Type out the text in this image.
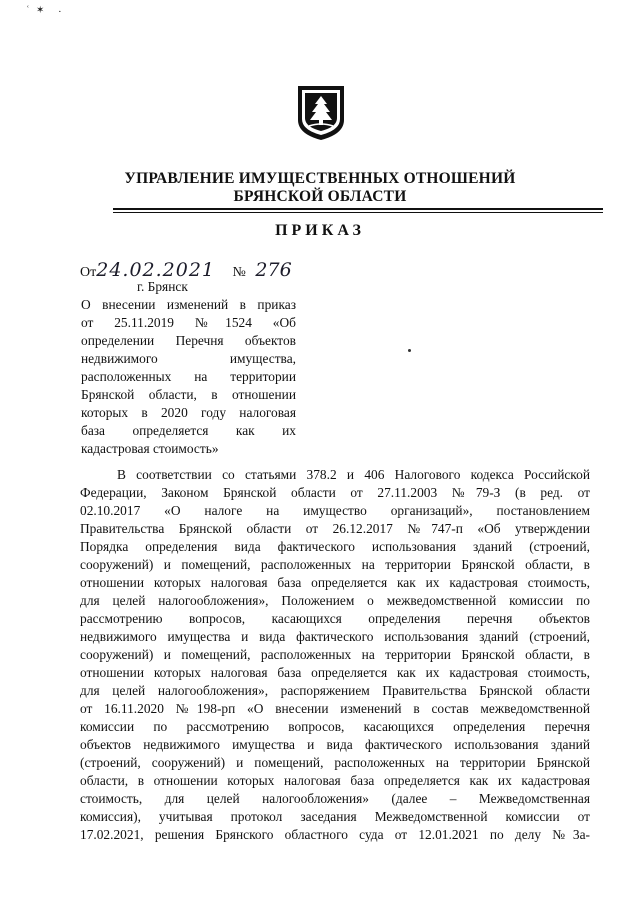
ʿ ✶ ·
УПРАВЛЕНИЕ ИМУЩЕСТВЕННЫХ ОТНОШЕНИЙ
БРЯНСКОЙ ОБЛАСТИ
ПРИКАЗ
От24.02.2021 № 276
г. Брянск
О внесении изменений в приказ
от 25.11.2019 №1524 «Об
определении Перечня объектов
недвижимого имущества,
расположенных на территории
Брянской области, в отношении
которых в 2020 году налоговая
база определяется как их
кадастровая стоимость»
В соответствии со статьями 378.2 и 406 Налогового кодекса Российской
Федерации, Законом Брянской области от 27.11.2003 №79-З (в ред. от
02.10.2017 «О налоге на имущество организаций», постановлением
Правительства Брянской области от 26.12.2017 №747-п «Об утверждении
Порядка определения вида фактического использования зданий (строений,
сооружений) и помещений, расположенных на территории Брянской области, в
отношении которых налоговая база определяется как их кадастровая стоимость,
для целей налогообложения», Положением о межведомственной комиссии по
рассмотрению вопросов, касающихся определения перечня объектов
недвижимого имущества и вида фактического использования зданий (строений,
сооружений) и помещений, расположенных на территории Брянской области, в
отношении которых налоговая база определяется как их кадастровая стоимость,
для целей налогообложения», распоряжением Правительства Брянской области
от 16.11.2020 №198-рп «О внесении изменений в состав межведомственной
комиссии по рассмотрению вопросов, касающихся определения перечня
объектов недвижимого имущества и вида фактического использования зданий
(строений, сооружений) и помещений, расположенных на территории Брянской
области, в отношении которых налоговая база определяется как их кадастровая
стоимость, для целей налогообложения» (далее – Межведомственная
комиссия), учитывая протокол заседания Межведомственной комиссии от
17.02.2021, решения Брянского областного суда от 12.01.2021 по делу №3а-
